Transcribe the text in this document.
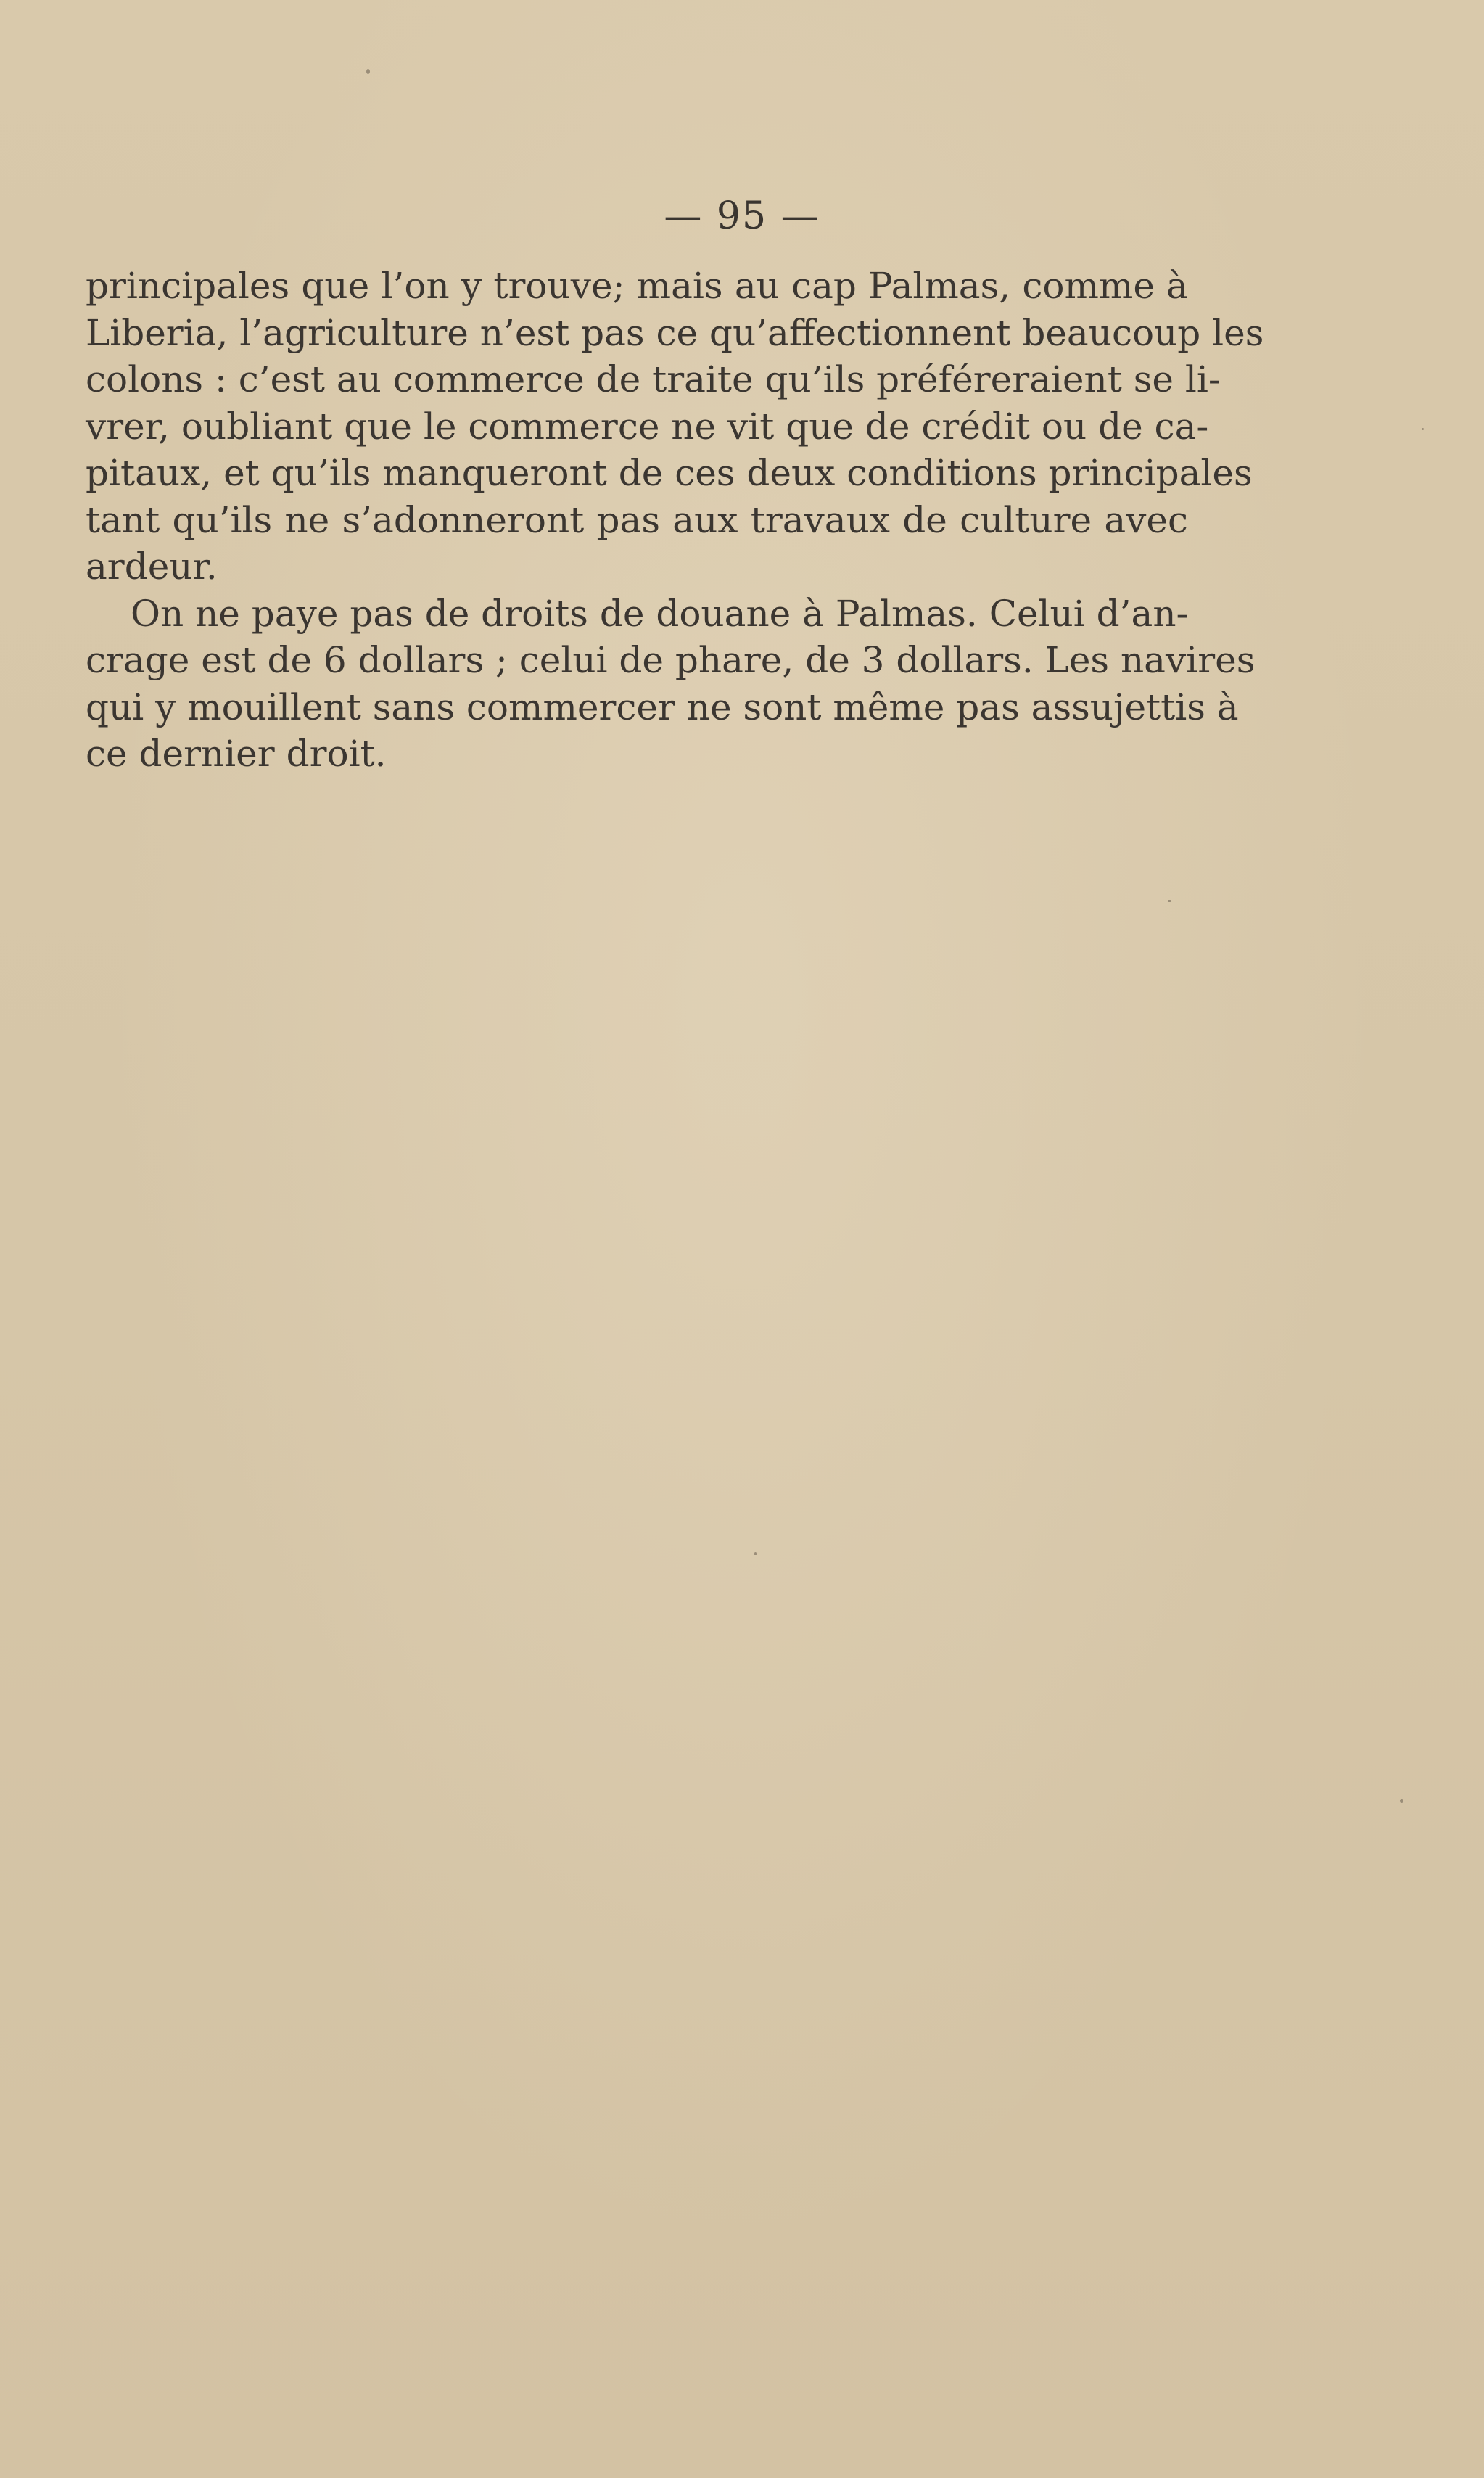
— 95 —
principales que l’on y trouve; mais au cap Palmas, comme à
Liberia, l’agriculture n’est pas ce qu’affectionnent beaucoup les
colons : c’est au commerce de traite qu’ils préféreraient se li-
vrer, oubliant que le commerce ne vit que de crédit ou de ca-
pitaux, et qu’ils manqueront de ces deux conditions principales
tant qu’ils ne s’adonneront pas aux travaux de culture avec
ardeur.
On ne paye pas de droits de douane à Palmas. Celui d’an-
crage est de 6 dollars ; celui de phare, de 3 dollars. Les navires
qui y mouillent sans commercer ne sont même pas assujettis à
ce dernier droit.
